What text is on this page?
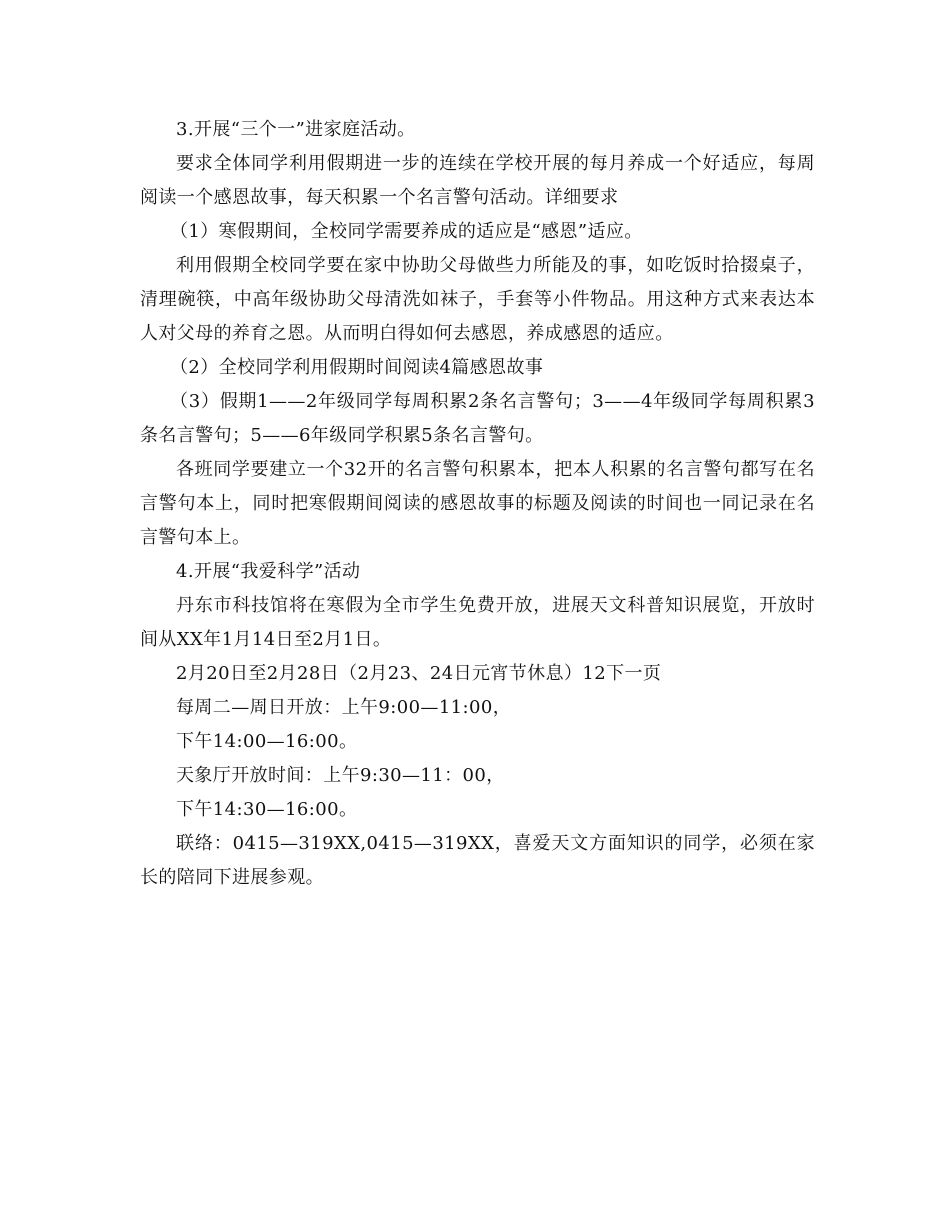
3.开展“三个一”进家庭活动。

要求全体同学利用假期进一步的连续在学校开展的每月养成一个好适应，每周阅读一个感恩故事，每天积累一个名言警句活动。详细要求

（1）寒假期间，全校同学需要养成的适应是“感恩”适应。

利用假期全校同学要在家中协助父母做些力所能及的事，如吃饭时拾掇桌子，清理碗筷，中高年级协助父母清洗如袜子，手套等小件物品。用这种方式来表达本人对父母的养育之恩。从而明白得如何去感恩，养成感恩的适应。

（2）全校同学利用假期时间阅读4篇感恩故事

（3）假期1——2年级同学每周积累2条名言警句；3——4年级同学每周积累3条名言警句；5——6年级同学积累5条名言警句。

各班同学要建立一个32开的名言警句积累本，把本人积累的名言警句都写在名言警句本上，同时把寒假期间阅读的感恩故事的标题及阅读的时间也一同记录在名言警句本上。

4.开展“我爱科学”活动

丹东市科技馆将在寒假为全市学生免费开放，进展天文科普知识展览，开放时间从XX年1月14日至2月1日。

2月20日至2月28日（2月23、24日元宵节休息）12下一页

每周二—周日开放：上午9:00—11:00，

下午14:00—16:00。

天象厅开放时间：上午9:30—11：00，

下午14:30—16:00。

联络：0415—319XX,0415—319XX，喜爱天文方面知识的同学，必须在家长的陪同下进展参观。
